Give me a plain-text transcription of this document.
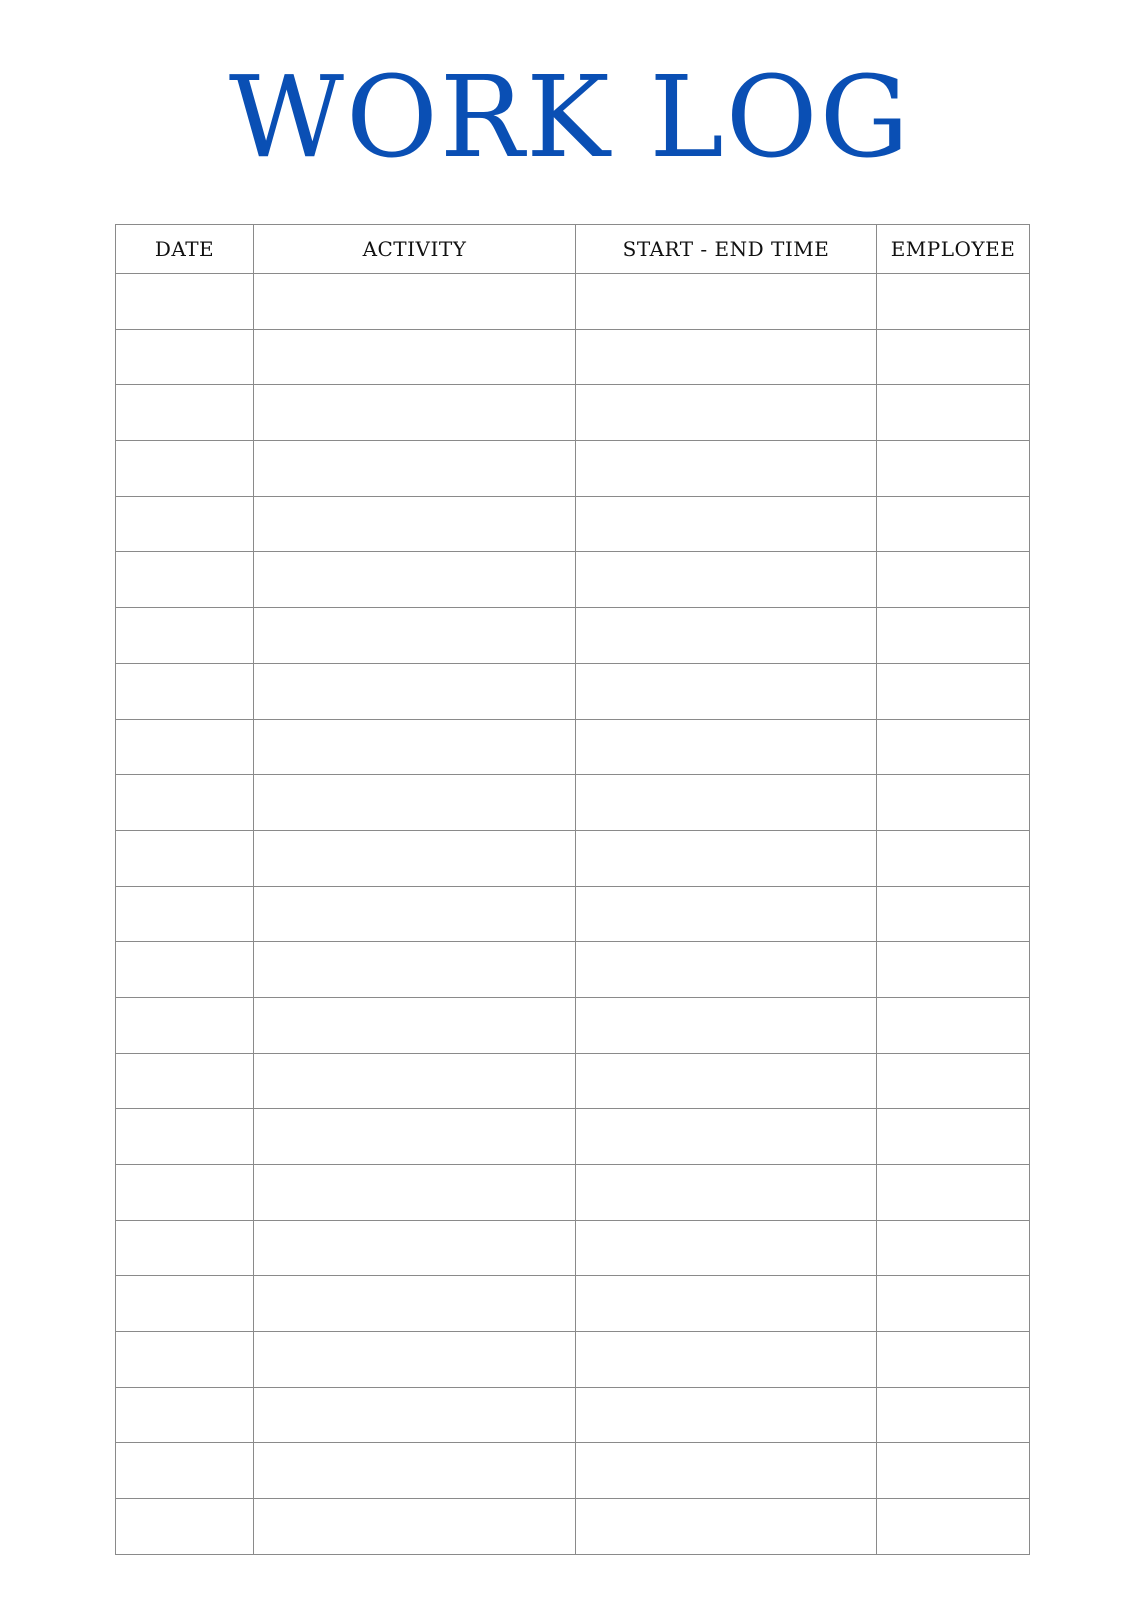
WORK LOG
DATE	ACTIVITY	START - END TIME	EMPLOYEE
